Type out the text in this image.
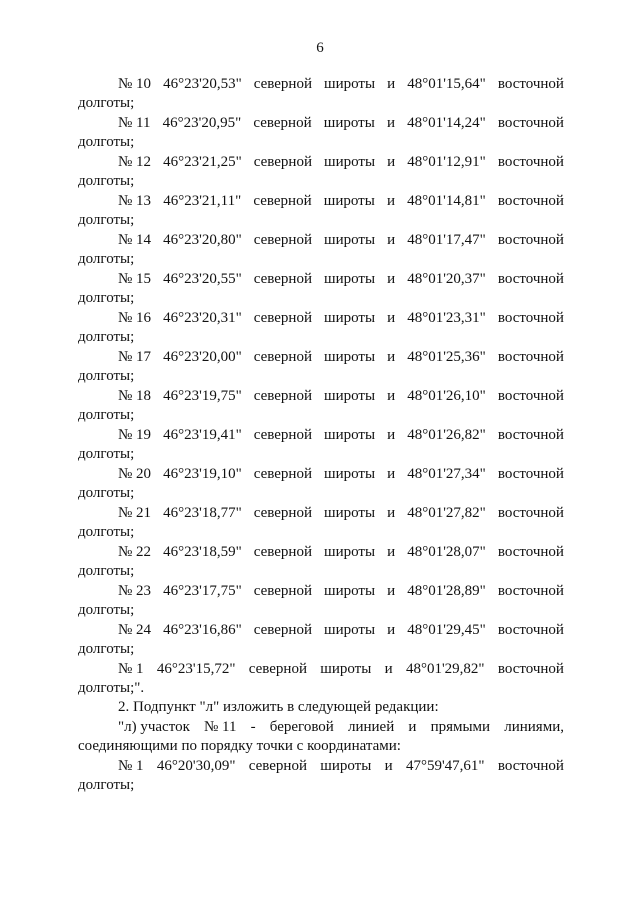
6
№ 10 46°23'20,53" северной широты и 48°01'15,64" восточной
долготы;
№ 11 46°23'20,95" северной широты и 48°01'14,24" восточной
долготы;
№ 12 46°23'21,25" северной широты и 48°01'12,91" восточной
долготы;
№ 13 46°23'21,11" северной широты и 48°01'14,81" восточной
долготы;
№ 14 46°23'20,80" северной широты и 48°01'17,47" восточной
долготы;
№ 15 46°23'20,55" северной широты и 48°01'20,37" восточной
долготы;
№ 16 46°23'20,31" северной широты и 48°01'23,31" восточной
долготы;
№ 17 46°23'20,00" северной широты и 48°01'25,36" восточной
долготы;
№ 18 46°23'19,75" северной широты и 48°01'26,10" восточной
долготы;
№ 19 46°23'19,41" северной широты и 48°01'26,82" восточной
долготы;
№ 20 46°23'19,10" северной широты и 48°01'27,34" восточной
долготы;
№ 21 46°23'18,77" северной широты и 48°01'27,82" восточной
долготы;
№ 22 46°23'18,59" северной широты и 48°01'28,07" восточной
долготы;
№ 23 46°23'17,75" северной широты и 48°01'28,89" восточной
долготы;
№ 24 46°23'16,86" северной широты и 48°01'29,45" восточной
долготы;
№ 1 46°23'15,72" северной широты и 48°01'29,82" восточной
долготы;".
2. Подпункт "л" изложить в следующей редакции:
"л) участок № 11 - береговой линией и прямыми линиями,
соединяющими по порядку точки с координатами:
№ 1 46°20'30,09" северной широты и 47°59'47,61" восточной
долготы;
